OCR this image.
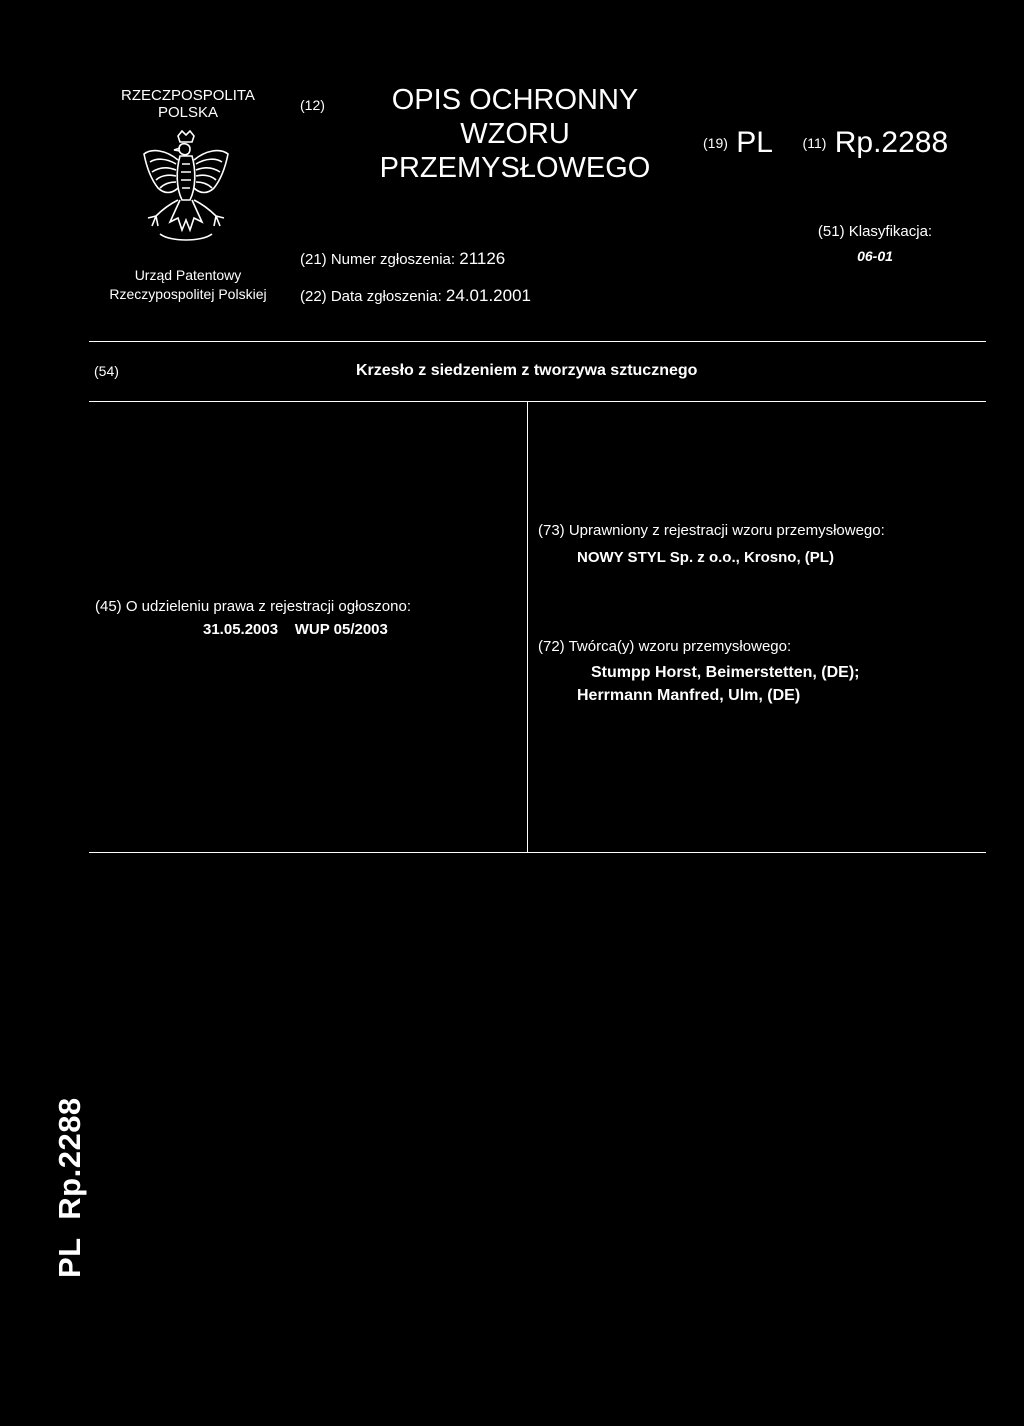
RZECZPOSPOLITA
POLSKA
Urząd Patentowy
Rzeczypospolitej Polskiej
(12)	OPIS OCHRONNY
WZORU
PRZEMYSŁOWEGO
(19) PL (11) Rp.2288
(21) Numer zgłoszenia: 21126
(22) Data zgłoszenia: 24.01.2001
(51) Klasyfikacja:
06-01
(54)	Krzesło z siedzeniem z tworzywa sztucznego
(73) Uprawniony z rejestracji wzoru przemysłowego:
NOWY STYL Sp. z o.o., Krosno, (PL)
(72) Twórca(y) wzoru przemysłowego:
Stumpp Horst, Beimerstetten, (DE);
Herrmann Manfred, Ulm, (DE)
(45) O udzieleniu prawa z rejestracji ogłoszono:
31.05.2003    WUP 05/2003
PL  Rp.2288
